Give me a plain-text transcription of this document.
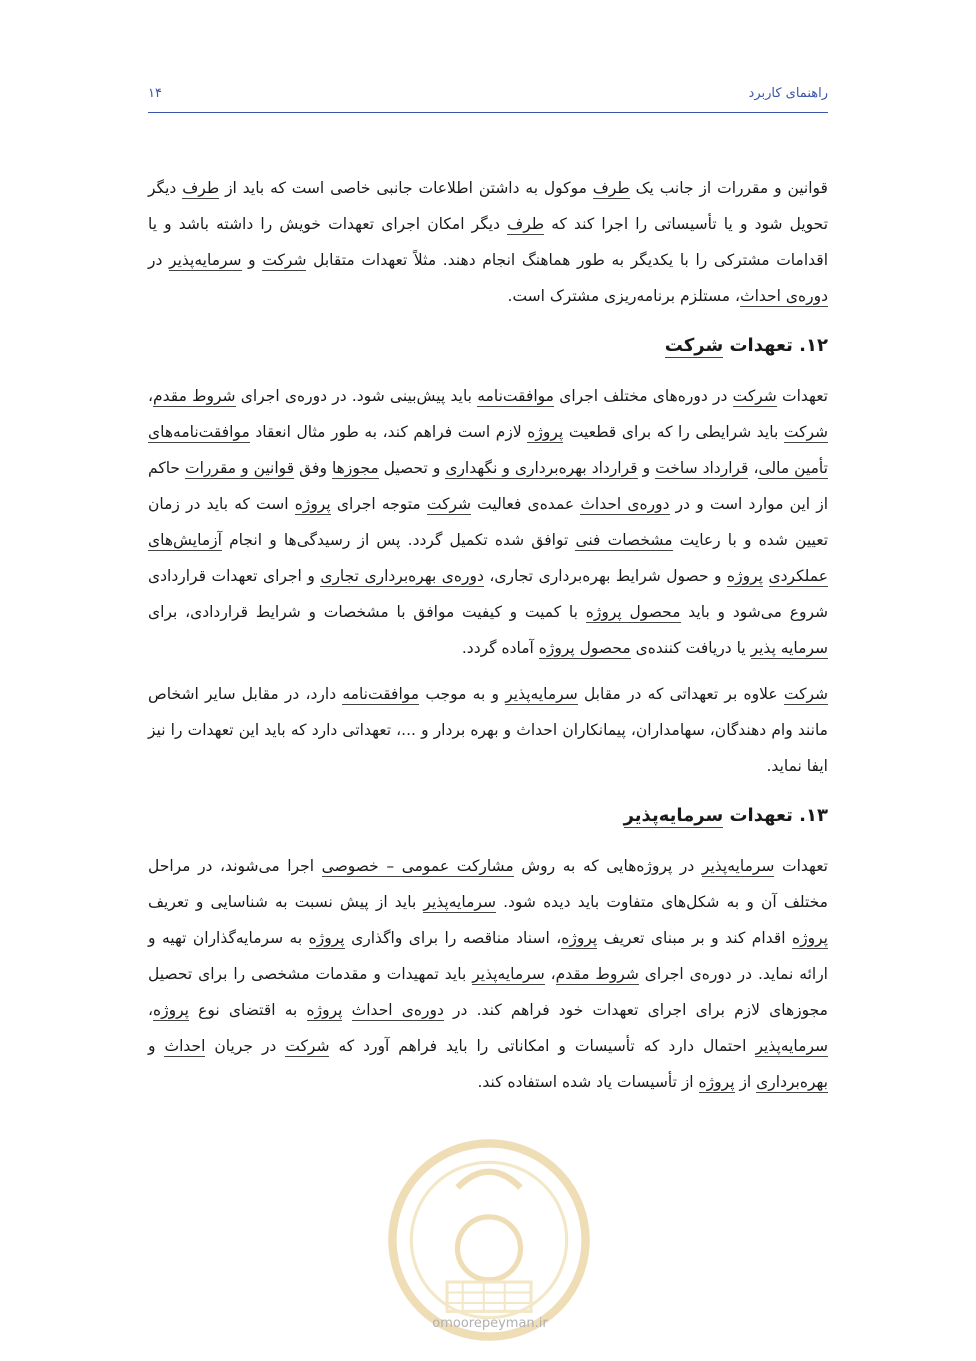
راهنمای کاربرد
۱۴

قوانین و مقررات از جانب یک طرف موکول به داشتن اطلاعات جانبی خاصی است که باید از طرف دیگر تحویل شود و یا تأسیساتی را اجرا کند که طرف دیگر امکان اجرای تعهدات خویش را داشته باشد و یا اقدامات مشترکی را با یکدیگر به طور هماهنگ انجام دهند. مثلاً تعهدات متقابل شرکت و سرمایه‌پذیر در دوره‌ی احداث، مستلزم برنامه‌ریزی مشترک است.

۱۲. تعهدات شرکت

تعهدات شرکت در دوره‌های مختلف اجرای موافقت‌نامه باید پیش‌بینی شود. در دوره‌ی اجرای شروط مقدم، شرکت باید شرایطی را که برای قطعیت پروژه لازم است فراهم کند، به طور مثال انعقاد موافقت‌نامه‌های تأمین مالی، قرارداد ساخت و قرارداد بهره‌برداری و نگهداری و تحصیل مجوزها وفق قوانین و مقررات حاکم از این موارد است و در دوره‌ی احداث عمده‌ی فعالیت شرکت متوجه اجرای پروژه است که باید در زمان تعیین شده و با رعایت مشخصات فنی توافق شده تکمیل گردد. پس از رسیدگی‌ها و انجام آزمایش‌های عملکردی پروژه و حصول شرایط بهره‌برداری تجاری، دوره‌ی بهره‌برداری تجاری و اجرای تعهدات قراردادی شروع می‌شود و باید محصول پروژه با کمیت و کیفیت موافق با مشخصات و شرایط قراردادی، برای سرمایه پذیر یا دریافت کننده‌ی محصول پروژه آماده گردد.

شرکت علاوه بر تعهداتی که در مقابل سرمایه‌پذیر و به موجب موافقت‌نامه دارد، در مقابل سایر اشخاص مانند وام دهندگان، سهامداران، پیمانکاران احداث و بهره بردار و ...، تعهداتی دارد که باید این تعهدات را نیز ایفا نماید.

۱۳. تعهدات سرمایه‌پذیر

تعهدات سرمایه‌پذیر در پروژه‌هایی که به روش مشارکت عمومی – خصوصی اجرا می‌شوند، در مراحل مختلف آن و به شکل‌های متفاوت باید دیده شود. سرمایه‌پذیر باید از پیش نسبت به شناسایی و تعریف پروژه اقدام کند و بر مبنای تعریف پروژه، اسناد مناقصه را برای واگذاری پروژه به سرمایه‌گذاران تهیه و ارائه نماید. در دوره‌ی اجرای شروط مقدم، سرمایه‌پذیر باید تمهیدات و مقدمات مشخصی را برای تحصیل مجوزهای لازم برای اجرای تعهدات خود فراهم کند. در دوره‌ی احداث پروژه به اقتضای نوع پروژه، سرمایه‌پذیر احتمال دارد که تأسیسات و امکاناتی را باید فراهم آورد که شرکت در جریان احداث و بهره‌برداری از پروژه از تأسیسات یاد شده استفاده کند.

omoorepeyman.ir
